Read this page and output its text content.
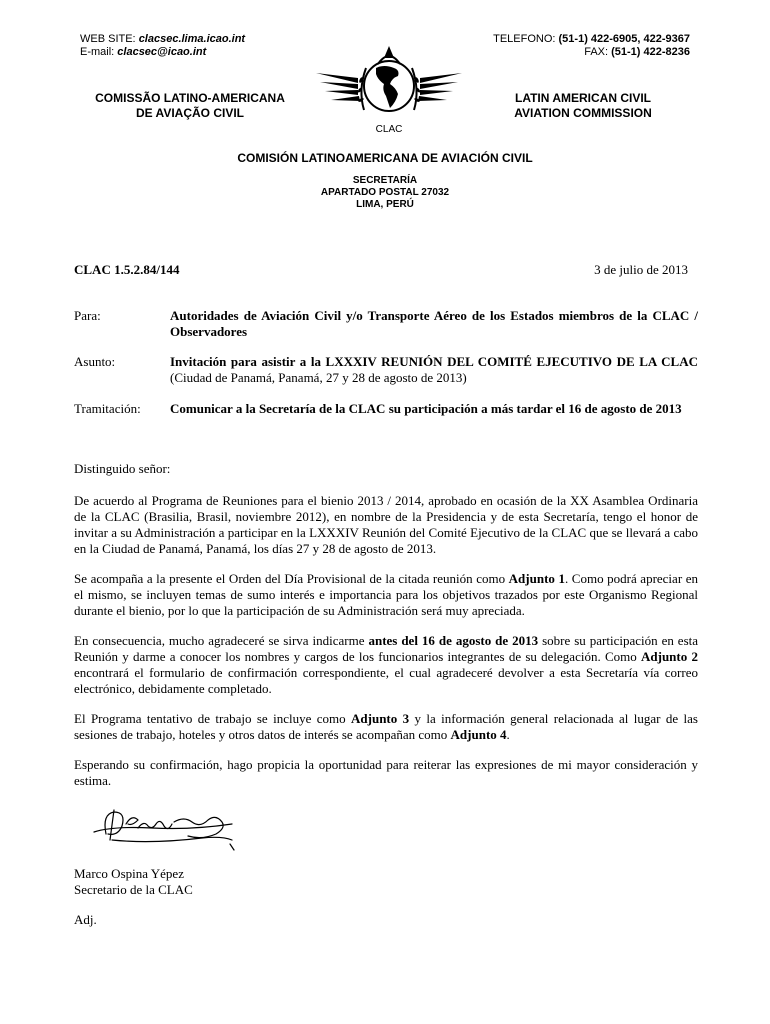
WEB SITE: clacsec.lima.icao.int
E-mail: clacsec@icao.int
TELEFONO: (51-1) 422-6905, 422-9367
FAX: (51-1) 422-8236
CLAC
COMISSÃO LATINO-AMERICANA
DE AVIAÇÃO CIVIL
LATIN AMERICAN CIVIL
AVIATION COMMISSION
COMISIÓN LATINOAMERICANA DE AVIACIÓN CIVIL
SECRETARÍA
APARTADO POSTAL 27032
LIMA, PERÚ
CLAC 1.5.2.84/144	3 de julio de 2013
Para:	Autoridades de Aviación Civil y/o Transporte Aéreo de los Estados miembros de la CLAC / Observadores
Asunto:	Invitación para asistir a la LXXXIV REUNIÓN DEL COMITÉ EJECUTIVO DE LA CLAC (Ciudad de Panamá, Panamá, 27 y 28 de agosto de 2013)
Tramitación: Comunicar a la Secretaría de la CLAC su participación a más tardar el 16 de agosto de 2013

Distinguido señor:

De acuerdo al Programa de Reuniones para el bienio 2013 / 2014, aprobado en ocasión de la XX Asamblea Ordinaria de la CLAC (Brasilia, Brasil, noviembre 2012), en nombre de la Presidencia y de esta Secretaría, tengo el honor de invitar a su Administración a participar en la LXXXIV Reunión del Comité Ejecutivo de la CLAC que se llevará a cabo en la Ciudad de Panamá, Panamá, los días 27 y 28 de agosto de 2013.

Se acompaña a la presente el Orden del Día Provisional de la citada reunión como Adjunto 1. Como podrá apreciar en el mismo, se incluyen temas de sumo interés e importancia para los objetivos trazados por este Organismo Regional durante el bienio, por lo que la participación de su Administración será muy apreciada.

En consecuencia, mucho agradeceré se sirva indicarme antes del 16 de agosto de 2013 sobre su participación en esta Reunión y darme a conocer los nombres y cargos de los funcionarios integrantes de su delegación. Como Adjunto 2 encontrará el formulario de confirmación correspondiente, el cual agradeceré devolver a esta Secretaría vía correo electrónico, debidamente completado.

El Programa tentativo de trabajo se incluye como Adjunto 3 y la información general relacionada al lugar de las sesiones de trabajo, hoteles y otros datos de interés se acompañan como Adjunto 4.

Esperando su confirmación, hago propicia la oportunidad para reiterar las expresiones de mi mayor consideración y estima.

Marco Ospina Yépez
Secretario de la CLAC
Adj.
